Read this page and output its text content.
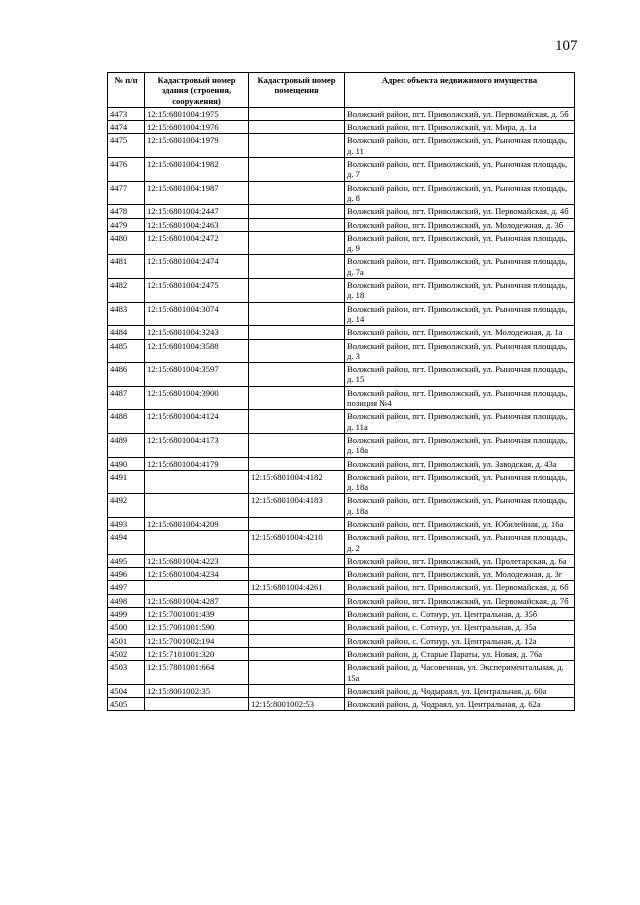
107
№ п/п	Кадастровый номер здания (строения, сооружения)	Кадастровый номер помещения	Адрес объекта недвижимого имущества
4473	12:15:6801004:1975		Волжский район, пгт. Приволжский, ул. Первомайская, д. 5б
4474	12:15:6801004:1976		Волжский район, пгт. Приволжский, ул. Мира, д. 1а
4475	12:15:6801004:1979		Волжский район, пгт. Приволжский, ул. Рыночная площадь, д. 11
4476	12:15:6801004:1982		Волжский район, пгт. Приволжский, ул. Рыночная площадь, д. 7
4477	12:15:6801004:1987		Волжский район, пгт. Приволжский, ул. Рыночная площадь, д. 8
4478	12:15:6801004:2447		Волжский район, пгт. Приволжский, ул. Первомайская, д. 4б
4479	12:15:6801004:2463		Волжский район, пгт. Приволжский, ул. Молодежная, д. 3б
4480	12:15:6801004:2472		Волжский район, пгт. Приволжский, ул. Рыночная площадь, д. 9
4481	12:15:6801004:2474		Волжский район, пгт. Приволжский, ул. Рыночная площадь, д. 7а
4482	12:15:6801004:2475		Волжский район, пгт. Приволжский, ул. Рыночная площадь, д. 18
4483	12:15:6801004:3074		Волжский район, пгт. Приволжский, ул. Рыночная площадь, д. 14
4484	12:15:6801004:3243		Волжский район, пгт. Приволжский, ул. Молодежная, д. 1а
4485	12:15:6801004:3588		Волжский район, пгт. Приволжский, ул. Рыночная площадь, д. 3
4486	12:15:6801004:3597		Волжский район, пгт. Приволжский, ул. Рыночная площадь, д. 15
4487	12:15:6801004:3900		Волжский район, пгт. Приволжский, ул. Рыночная площадь, позиция №4
4488	12:15:6801004:4124		Волжский район, пгт. Приволжский, ул. Рыночная площадь, д. 11а
4489	12:15:6801004:4173		Волжский район, пгт. Приволжский, ул. Рыночная площадь, д. 18а
4490	12:15:6801004:4179		Волжский район, пгт. Приволжский, ул. Заводская, д. 43а
4491		12:15:6801004:4182	Волжский район, пгт. Приволжский, ул. Рыночная площадь, д. 18а
4492		12:15:6801004:4183	Волжский район, пгт. Приволжский, ул. Рыночная площадь, д. 18а
4493	12:15:6801004:4209		Волжский район, пгт. Приволжский, ул. Юбилейная, д. 16а
4494		12:15:6801004:4210	Волжский район, пгт. Приволжский, ул. Рыночная площадь, д. 2
4495	12:15:6801004:4223		Волжский район, пгт. Приволжский, ул. Пролетарская, д. 6а
4496	12:15:6801004:4234		Волжский район, пгт. Приволжский, ул. Молодежная, д. 3г
4497		12:15:6801004:4261	Волжский район, пгт. Приволжский, ул. Первомайская, д. 6б
4498	12:15:6801004:4287		Волжский район, пгт. Приволжский, ул. Первомайская, д. 7б
4499	12:15:7001001:439		Волжский район, с. Сотнур, ул. Центральная, д. 35б
4500	12:15:7001001:590		Волжский район, с. Сотнур, ул. Центральная, д. 35а
4501	12:15:7001002:194		Волжский район, с. Сотнур, ул. Центральная, д. 12а
4502	12:15:7101001:320		Волжский район, д. Старые Параты, ул. Новая, д. 76а
4503	12:15:7801001:664		Волжский район, д. Часовенная, ул. Экспериментальная, д. 15а
4504	12:15:8001002:35		Волжский район, д. Чодыраял, ул. Центральная, д. 60а
4505		12:15:8001002:53	Волжский район, д. Чодраял, ул. Центральная, д. 62а
